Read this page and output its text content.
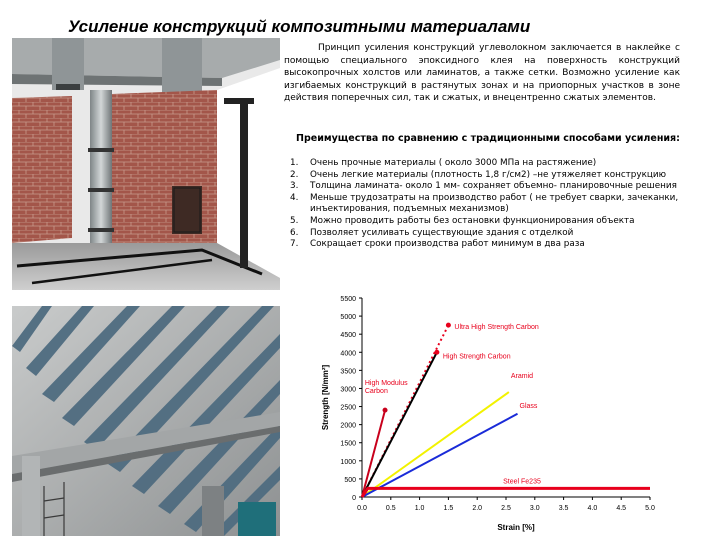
Усиление конструкций композитными материалами
Принцип усиления конструкций углеволокном заключается в наклейке с помощью специального эпоксидного клея на поверхность конструкций высокопрочных холстов или ламинатов, а также сетки. Возможно усиление как изгибаемых конструкций в растянутых зонах и на приопорных участков в зоне действия поперечных сил, так и сжатых, и внецентренно сжатых элементов.
Преимущества по сравнению с традиционными способами усиления:
1.	Очень прочные материалы ( около 3000 МПа на растяжение)
2.	Очень легкие материалы (плотность 1,8 г/см2) –не утяжеляет конструкцию
3.	Толщина ламината- около 1 мм- сохраняет объемно- планировочные решения
4.	Меньше трудозатраты на производство работ ( не требует сварки, зачеканки, инъектирования, подъемных механизмов)
5.	Можно проводить работы без остановки функционирования объекта
6.	Позволяет усиливать существующие здания с отделкой
7.	Сокращает сроки производства работ минимум в два раза
0
500
1000
1500
2000
2500
3000
3500
4000
4500
5000
5500
0.0	0.5	1.0	1.5	2.0	2.5	3.0	3.5	4.0	4.5	5.0
Strength [N/mm²]
Strain [%]
Ultra High Strength Carbon
High Strength Carbon
High Modulus Carbon
Aramid
Glass
Steel Fe235
